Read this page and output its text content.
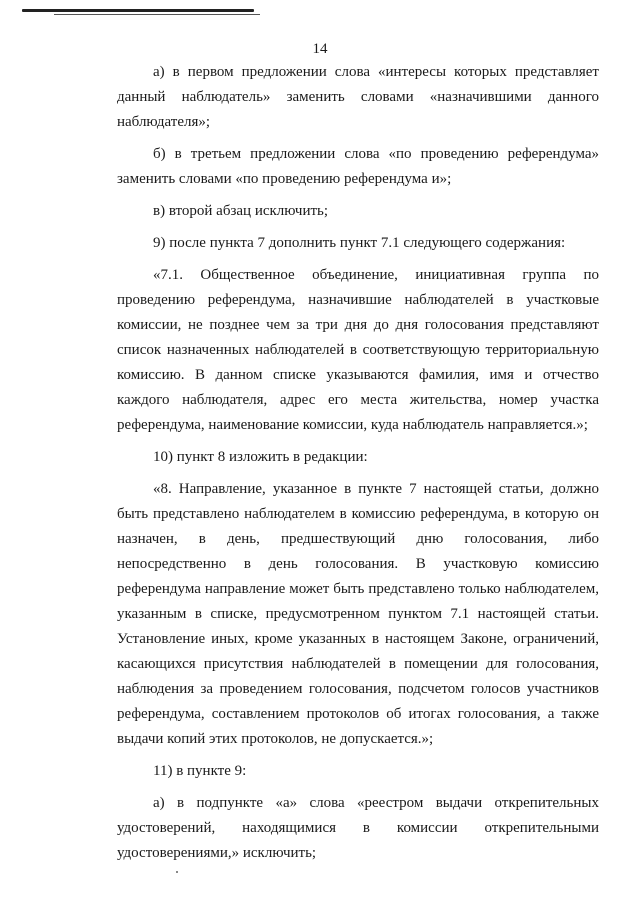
14

а) в первом предложении слова «интересы которых представляет данный наблюдатель» заменить словами «назначившими данного наблюдателя»;

б) в третьем предложении слова «по проведению референдума» заменить словами «по проведению референдума и»;

в) второй абзац исключить;

9) после пункта 7 дополнить пункт 7.1 следующего содержания:

«7.1. Общественное объединение, инициативная группа по проведению референдума, назначившие наблюдателей в участковые комиссии, не позднее чем за три дня до дня голосования представляют список назначенных наблюдателей в соответствующую территориальную комиссию. В данном списке указываются фамилия, имя и отчество каждого наблюдателя, адрес его места жительства, номер участка референдума, наименование комиссии, куда наблюдатель направляется.»;

10) пункт 8 изложить в редакции:

«8. Направление, указанное в пункте 7 настоящей статьи, должно быть представлено наблюдателем в комиссию референдума, в которую он назначен, в день, предшествующий дню голосования, либо непосредственно в день голосования. В участковую комиссию референдума направление может быть представлено только наблюдателем, указанным в списке, предусмотренном пунктом 7.1 настоящей статьи. Установление иных, кроме указанных в настоящем Законе, ограничений, касающихся присутствия наблюдателей в помещении для голосования, наблюдения за проведением голосования, подсчетом голосов участников референдума, составлением протоколов об итогах голосования, а также выдачи копий этих протоколов, не допускается.»;

11) в пункте 9:

а) в подпункте «а» слова «реестром выдачи открепительных удостоверений, находящимися в комиссии открепительными удостоверениями,» исключить;
